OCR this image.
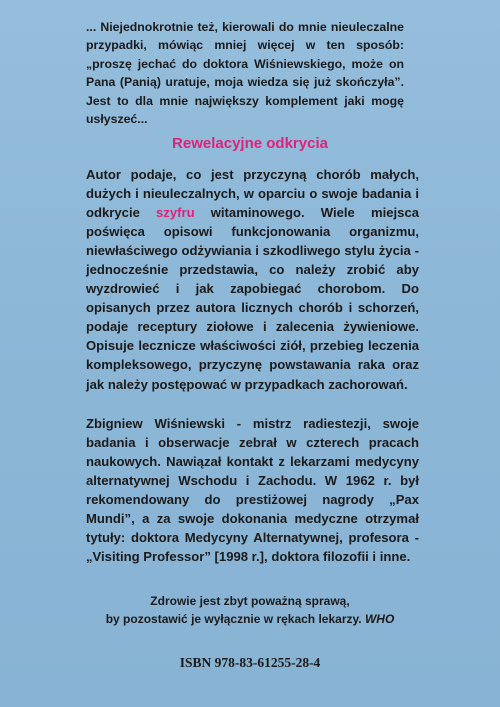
... Niejednokrotnie też, kierowali do mnie nieuleczalne przypadki, mówiąc mniej więcej w ten sposób: „proszę jechać do doktora Wiśniewskiego, może on Pana (Panią) uratuje, moja wiedza się już skończyła”. Jest to dla mnie największy komplement jaki mogę usłyszeć...
Rewelacyjne odkrycia
Autor podaje, co jest przyczyną chorób małych, dużych i nieuleczalnych, w oparciu o swoje badania i odkrycie szyfru witaminowego. Wiele miejsca poświęca opisowi funkcjonowania organizmu, niewłaściwego odżywiania i szkodliwego stylu życia - jednocześnie przedstawia, co należy zrobić aby wyzdrowieć i jak zapobiegać chorobom. Do opisanych przez autora licznych chorób i schorzeń, podaje receptury ziołowe i zalecenia żywieniowe. Opisuje lecznicze właściwości ziół, przebieg leczenia kompleksowego, przyczynę powstawania raka oraz jak należy postępować w przypadkach zachorowań.
Zbigniew Wiśniewski - mistrz radiestezji, swoje badania i obserwacje zebrał w czterech pracach naukowych. Nawiązał kontakt z lekarzami medycyny alternatywnej Wschodu i Zachodu. W 1962 r. był rekomendowany do prestiżowej nagrody „Pax Mundi”, a za swoje dokonania medyczne otrzymał tytuły: doktora Medycyny Alternatywnej, profesora - „Visiting Professor” [1998 r.], doktora filozofii i inne.
Zdrowie jest zbyt poważną sprawą,
by pozostawić je wyłącznie w rękach lekarzy. WHO
ISBN 978-83-61255-28-4
